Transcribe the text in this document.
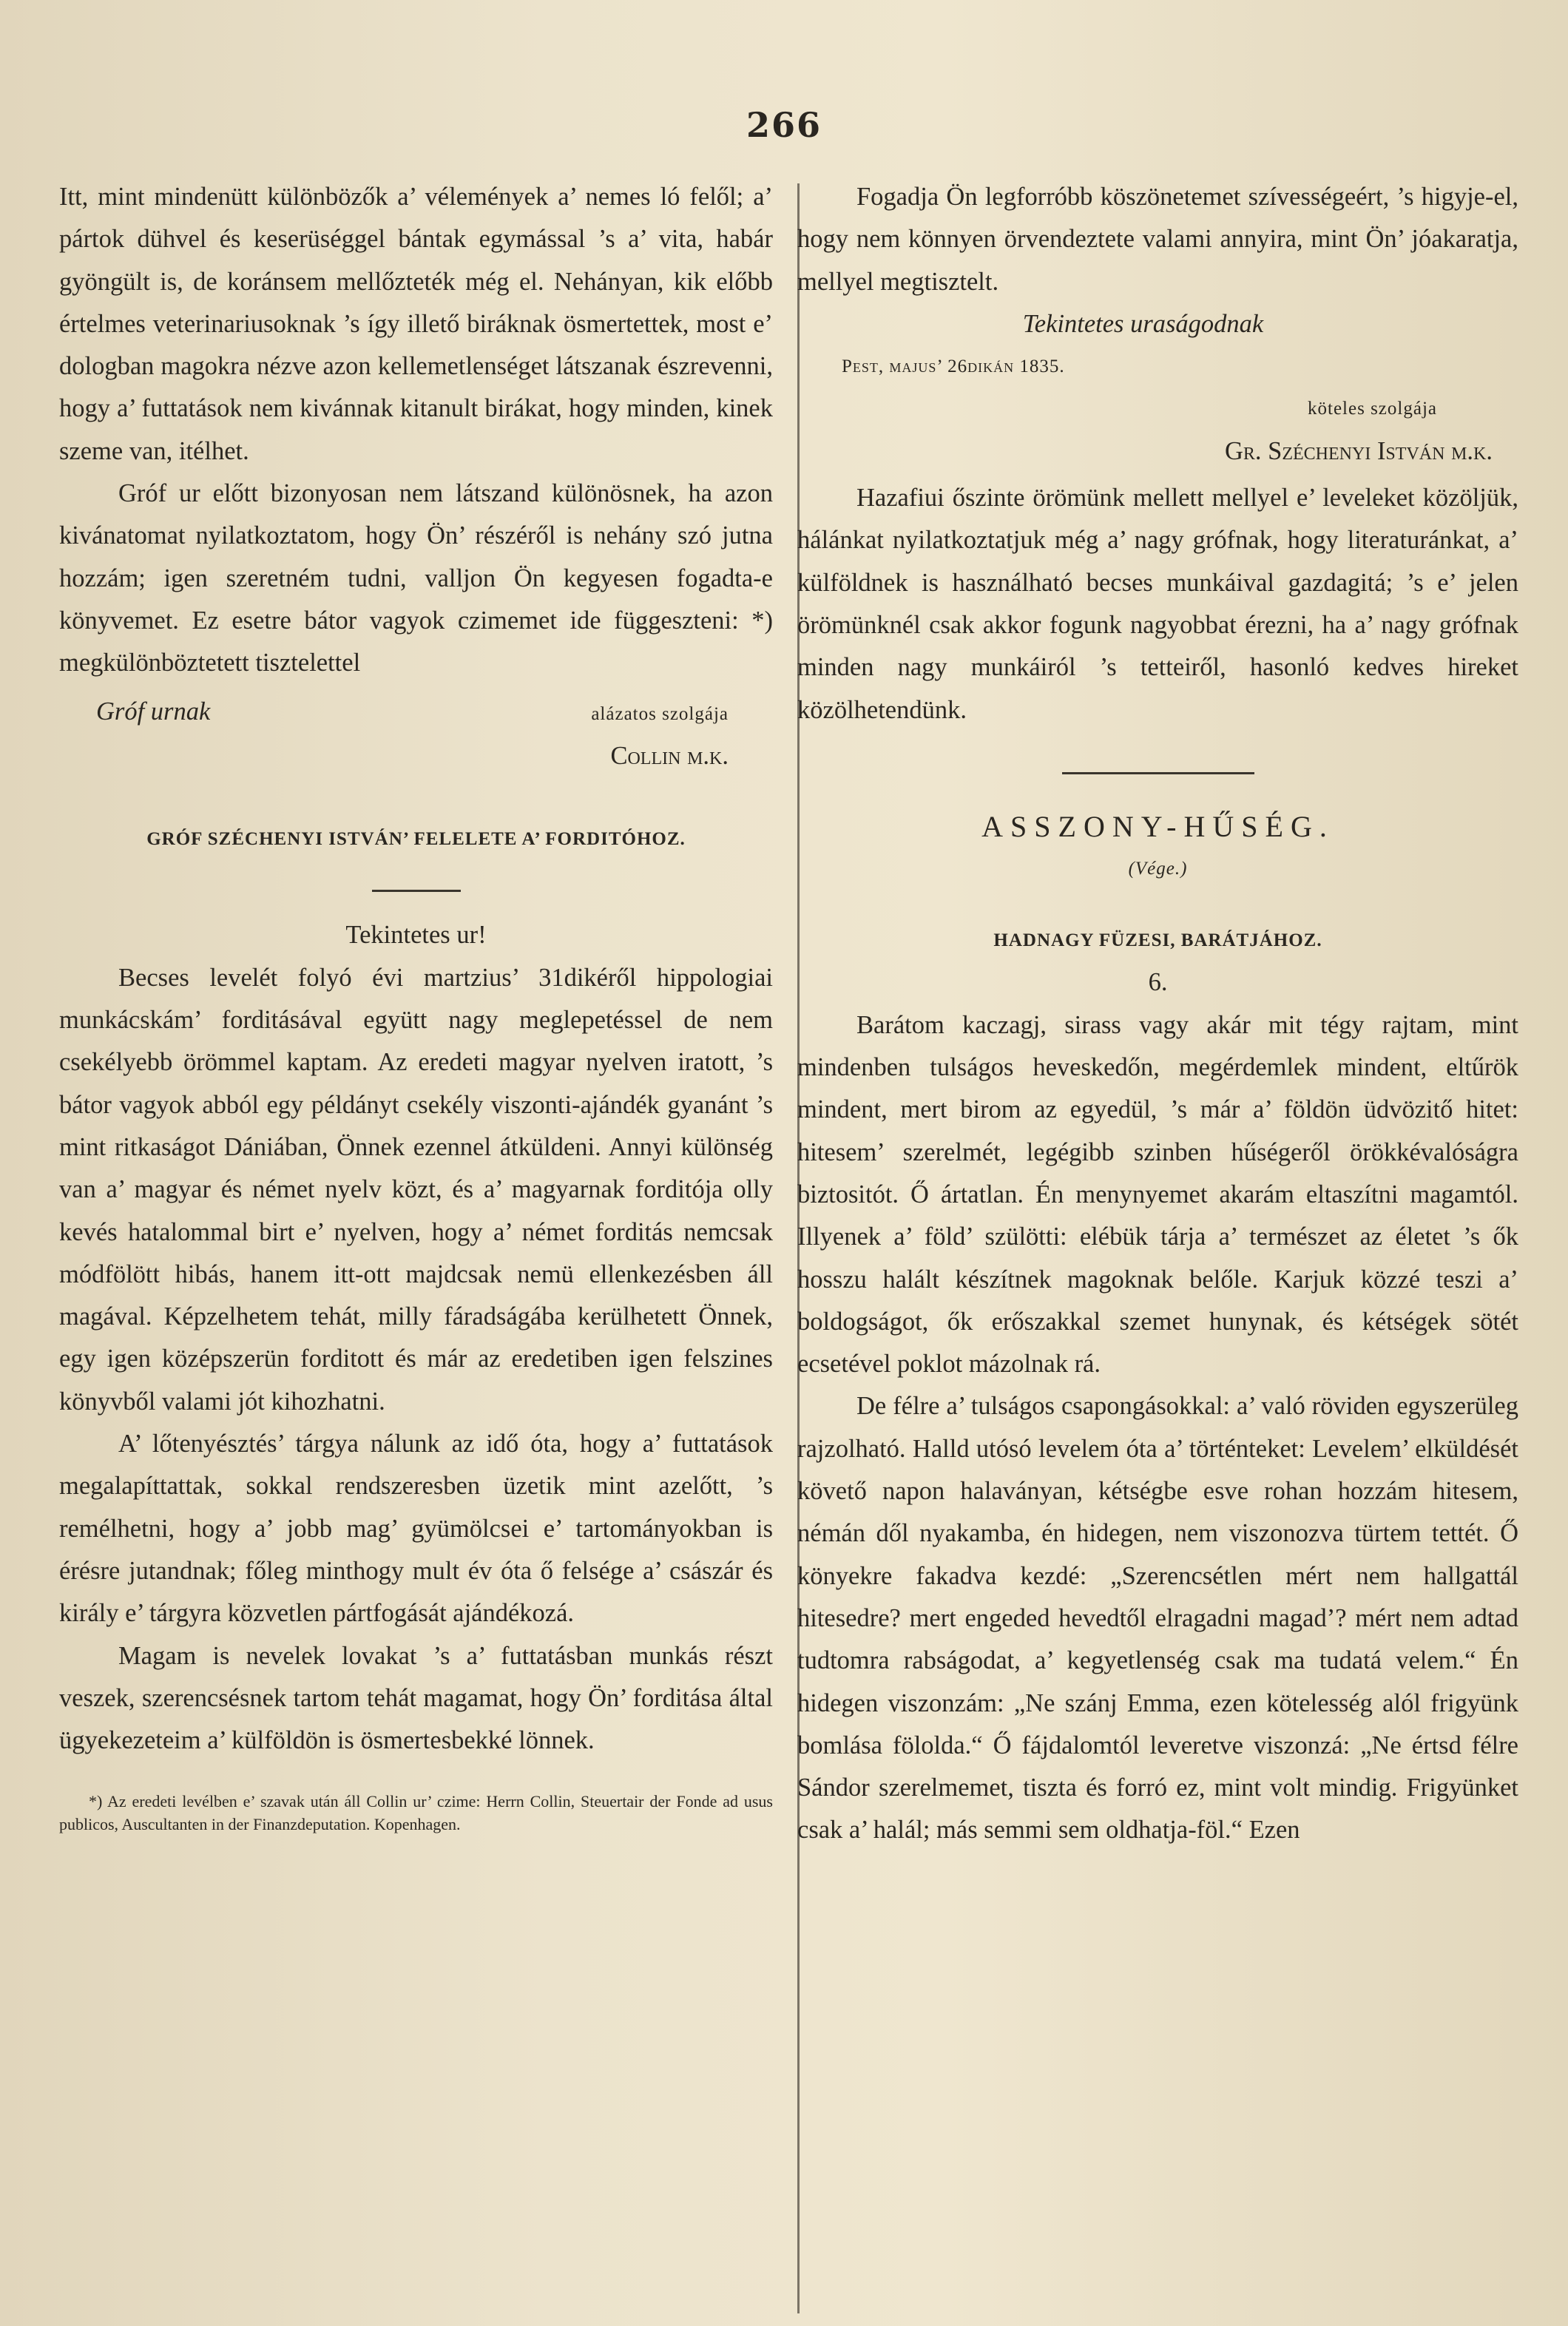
266

Itt, mint mindenütt különbözők a’ vélemények a’ nemes ló felől; a’ pártok dühvel és keserüséggel bántak egymással ’s a’ vita, habár gyöngült is, de koránsem mellőzteték még el. Nehányan, kik előbb értelmes veterinariusoknak ’s így illető biráknak ösmertettek, most e’ dologban magokra nézve azon kellemetlenséget látszanak észrevenni, hogy a’ futtatások nem kivánnak kitanult birákat, hogy minden, kinek szeme van, itélhet.

Gróf ur előtt bizonyosan nem látszand különösnek, ha azon kivánatomat nyilatkoztatom, hogy Ön’ részéről is nehány szó jutna hozzám; igen szeretném tudni, valljon Ön kegyesen fogadta-e könyvemet. Ez esetre bátor vagyok czimemet ide függeszteni: *) megkülönböztetett tisztelettel

Gróf urnak	alázatos szolgája
Collin m.k.
GRÓF SZÉCHENYI ISTVÁN’ FELELETE A’ FORDITÓHOZ.
Tekintetes ur!

Becses levelét folyó évi martzius’ 31dikéről hippologiai munkácskám’ forditásával együtt nagy meglepetéssel de nem csekélyebb örömmel kaptam. Az eredeti magyar nyelven iratott, ’s bátor vagyok abból egy példányt csekély viszonti-ajándék gyanánt ’s mint ritkaságot Dániában, Önnek ezennel átküldeni. Annyi különség van a’ magyar és német nyelv közt, és a’ magyarnak forditója olly kevés hatalommal birt e’ nyelven, hogy a’ német forditás nemcsak módfölött hibás, hanem itt-ott majdcsak nemü ellenkezésben áll magával. Képzelhetem tehát, milly fáradságába kerülhetett Önnek, egy igen középszerün forditott és már az eredetiben igen felszines könyvből valami jót kihozhatni.

A’ lőtenyésztés’ tárgya nálunk az idő óta, hogy a’ futtatások megalapíttattak, sokkal rendszeresben üzetik mint azelőtt, ’s remélhetni, hogy a’ jobb mag’ gyümölcsei e’ tartományokban is érésre jutandnak; főleg minthogy mult év óta ő felsége a’ császár és király e’ tárgyra közvetlen pártfogását ajándékozá.

Magam is nevelek lovakat ’s a’ futtatásban munkás részt veszek, szerencsésnek tartom tehát magamat, hogy Ön’ forditása által ügyekezeteim a’ külföldön is ösmertesbekké lönnek.

*) Az eredeti levélben e’ szavak után áll Collin ur’ czime: Herrn Collin, Steuertair der Fonde ad usus publicos, Auscultanten in der Finanzdeputation. Kopenhagen.

Fogadja Ön legforróbb köszönetemet szívességeért, ’s higyje-el, hogy nem könnyen örvendeztete valami annyira, mint Ön’ jóakaratja, mellyel megtisztelt.

Tekintetes uraságodnak
Pest, majus’ 26dikán 1835.
köteles szolgája
Gr. Széchenyi István m.k.

Hazafiui őszinte örömünk mellett mellyel e’ leveleket közöljük, hálánkat nyilatkoztatjuk még a’ nagy grófnak, hogy literaturánkat, a’ külföldnek is használható becses munkáival gazdagitá; ’s e’ jelen örömünknél csak akkor fogunk nagyobbat érezni, ha a’ nagy grófnak minden nagy munkáiról ’s tetteiről, hasonló kedves hireket közölhetendünk.

ASSZONY-HŰSÉG.
(Vége.)
HADNAGY FÜZESI, BARÁTJÁHOZ.
6.

Barátom kaczagj, sirass vagy akár mit tégy rajtam, mint mindenben tulságos heveskedőn, megérdemlek mindent, eltűrök mindent, mert birom az egyedül, ’s már a’ földön üdvözitő hitet: hitesem’ szerelmét, legégibb szinben hűségeről örökkévalóságra biztositót. Ő ártatlan. Én menynyemet akarám eltaszítni magamtól. Illyenek a’ föld’ szülötti: elébük tárja a’ természet az életet ’s ők hosszu halált készítnek magoknak belőle. Karjuk közzé teszi a’ boldogságot, ők erőszakkal szemet hunynak, és kétségek sötét ecsetével poklot mázolnak rá.

De félre a’ tulságos csapongásokkal: a’ való röviden egyszerüleg rajzolható. Halld utósó levelem óta a’ történteket: Levelem’ elküldését követő napon halaványan, kétségbe esve rohan hozzám hitesem, némán dől nyakamba, én hidegen, nem viszonozva türtem tettét. Ő könyekre fakadva kezdé: „Szerencsétlen mért nem hallgattál hitesedre? mert engeded hevedtől elragadni magad’? mért nem adtad tudtomra rabságodat, a’ kegyetlenség csak ma tudatá velem.“ Én hidegen viszonzám: „Ne szánj Emma, ezen kötelesség alól frigyünk bomlása fölolda.“ Ő fájdalomtól leveretve viszonzá: „Ne értsd félre Sándor szerelmemet, tiszta és forró ez, mint volt mindig. Frigyünket csak a’ halál; más semmi sem oldhatja-föl.“ Ezen
